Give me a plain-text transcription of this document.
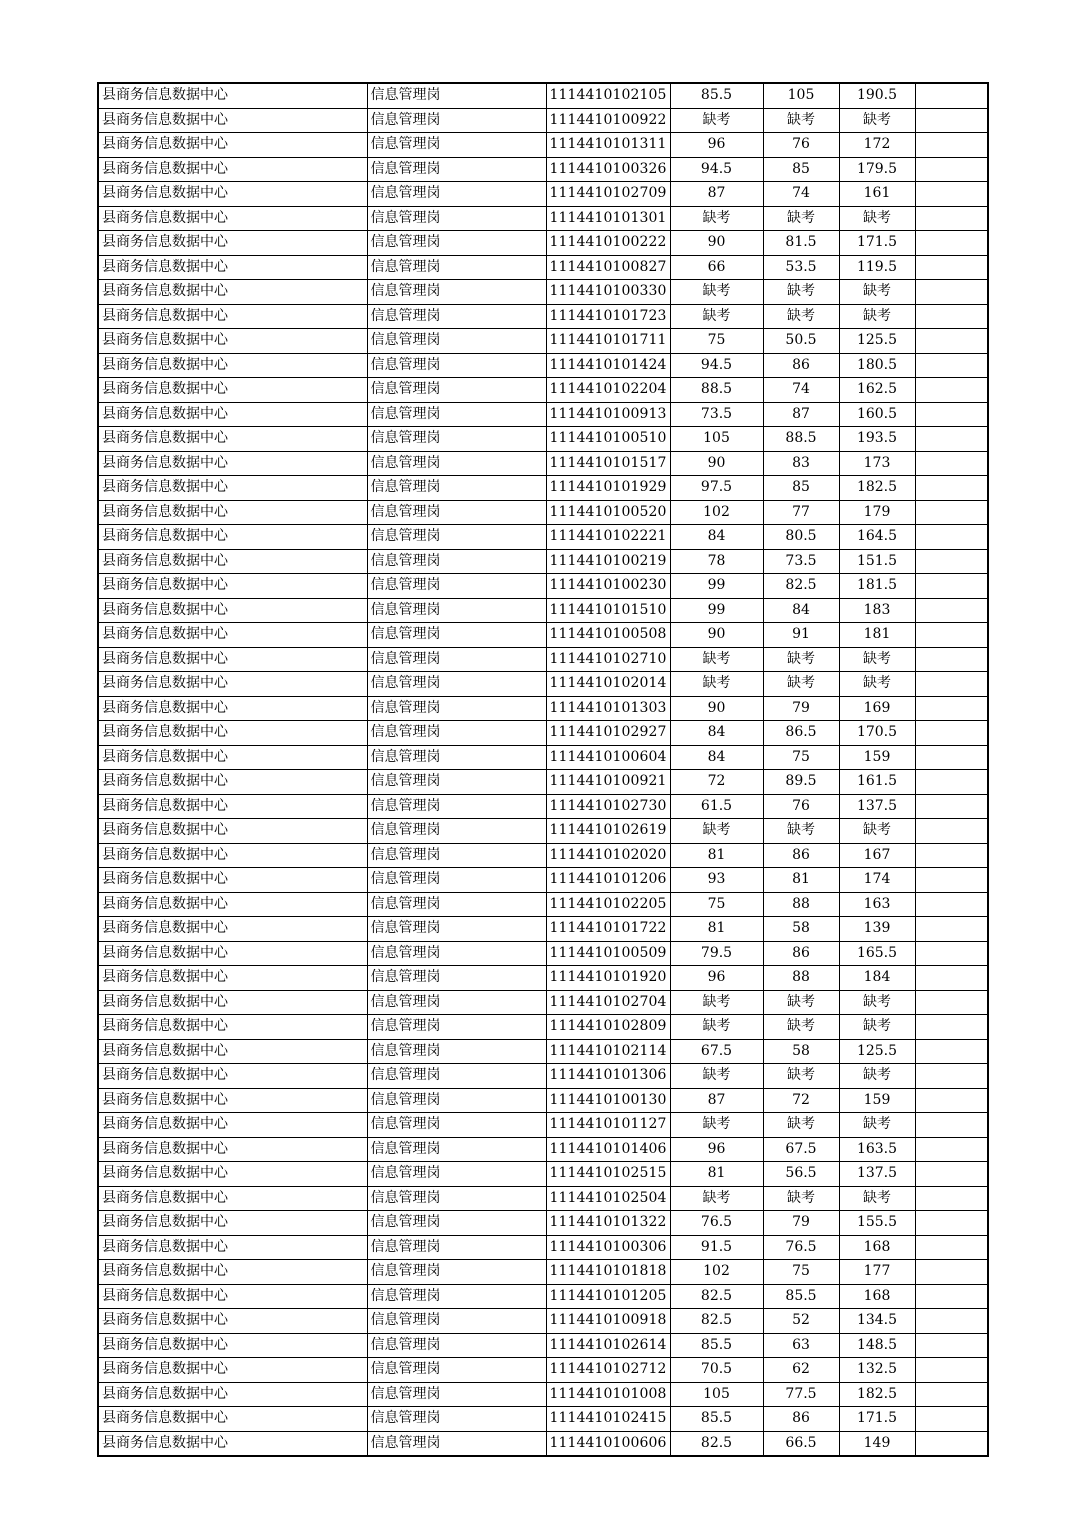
县商务信息数据中心	信息管理岗	1114410102105	85.5	105	190.5	
县商务信息数据中心	信息管理岗	1114410100922	缺考	缺考	缺考	
县商务信息数据中心	信息管理岗	1114410101311	96	76	172	
县商务信息数据中心	信息管理岗	1114410100326	94.5	85	179.5	
县商务信息数据中心	信息管理岗	1114410102709	87	74	161	
县商务信息数据中心	信息管理岗	1114410101301	缺考	缺考	缺考	
县商务信息数据中心	信息管理岗	1114410100222	90	81.5	171.5	
县商务信息数据中心	信息管理岗	1114410100827	66	53.5	119.5	
县商务信息数据中心	信息管理岗	1114410100330	缺考	缺考	缺考	
县商务信息数据中心	信息管理岗	1114410101723	缺考	缺考	缺考	
县商务信息数据中心	信息管理岗	1114410101711	75	50.5	125.5	
县商务信息数据中心	信息管理岗	1114410101424	94.5	86	180.5	
县商务信息数据中心	信息管理岗	1114410102204	88.5	74	162.5	
县商务信息数据中心	信息管理岗	1114410100913	73.5	87	160.5	
县商务信息数据中心	信息管理岗	1114410100510	105	88.5	193.5	
县商务信息数据中心	信息管理岗	1114410101517	90	83	173	
县商务信息数据中心	信息管理岗	1114410101929	97.5	85	182.5	
县商务信息数据中心	信息管理岗	1114410100520	102	77	179	
县商务信息数据中心	信息管理岗	1114410102221	84	80.5	164.5	
县商务信息数据中心	信息管理岗	1114410100219	78	73.5	151.5	
县商务信息数据中心	信息管理岗	1114410100230	99	82.5	181.5	
县商务信息数据中心	信息管理岗	1114410101510	99	84	183	
县商务信息数据中心	信息管理岗	1114410100508	90	91	181	
县商务信息数据中心	信息管理岗	1114410102710	缺考	缺考	缺考	
县商务信息数据中心	信息管理岗	1114410102014	缺考	缺考	缺考	
县商务信息数据中心	信息管理岗	1114410101303	90	79	169	
县商务信息数据中心	信息管理岗	1114410102927	84	86.5	170.5	
县商务信息数据中心	信息管理岗	1114410100604	84	75	159	
县商务信息数据中心	信息管理岗	1114410100921	72	89.5	161.5	
县商务信息数据中心	信息管理岗	1114410102730	61.5	76	137.5	
县商务信息数据中心	信息管理岗	1114410102619	缺考	缺考	缺考	
县商务信息数据中心	信息管理岗	1114410102020	81	86	167	
县商务信息数据中心	信息管理岗	1114410101206	93	81	174	
县商务信息数据中心	信息管理岗	1114410102205	75	88	163	
县商务信息数据中心	信息管理岗	1114410101722	81	58	139	
县商务信息数据中心	信息管理岗	1114410100509	79.5	86	165.5	
县商务信息数据中心	信息管理岗	1114410101920	96	88	184	
县商务信息数据中心	信息管理岗	1114410102704	缺考	缺考	缺考	
县商务信息数据中心	信息管理岗	1114410102809	缺考	缺考	缺考	
县商务信息数据中心	信息管理岗	1114410102114	67.5	58	125.5	
县商务信息数据中心	信息管理岗	1114410101306	缺考	缺考	缺考	
县商务信息数据中心	信息管理岗	1114410100130	87	72	159	
县商务信息数据中心	信息管理岗	1114410101127	缺考	缺考	缺考	
县商务信息数据中心	信息管理岗	1114410101406	96	67.5	163.5	
县商务信息数据中心	信息管理岗	1114410102515	81	56.5	137.5	
县商务信息数据中心	信息管理岗	1114410102504	缺考	缺考	缺考	
县商务信息数据中心	信息管理岗	1114410101322	76.5	79	155.5	
县商务信息数据中心	信息管理岗	1114410100306	91.5	76.5	168	
县商务信息数据中心	信息管理岗	1114410101818	102	75	177	
县商务信息数据中心	信息管理岗	1114410101205	82.5	85.5	168	
县商务信息数据中心	信息管理岗	1114410100918	82.5	52	134.5	
县商务信息数据中心	信息管理岗	1114410102614	85.5	63	148.5	
县商务信息数据中心	信息管理岗	1114410102712	70.5	62	132.5	
县商务信息数据中心	信息管理岗	1114410101008	105	77.5	182.5	
县商务信息数据中心	信息管理岗	1114410102415	85.5	86	171.5	
县商务信息数据中心	信息管理岗	1114410100606	82.5	66.5	149	
